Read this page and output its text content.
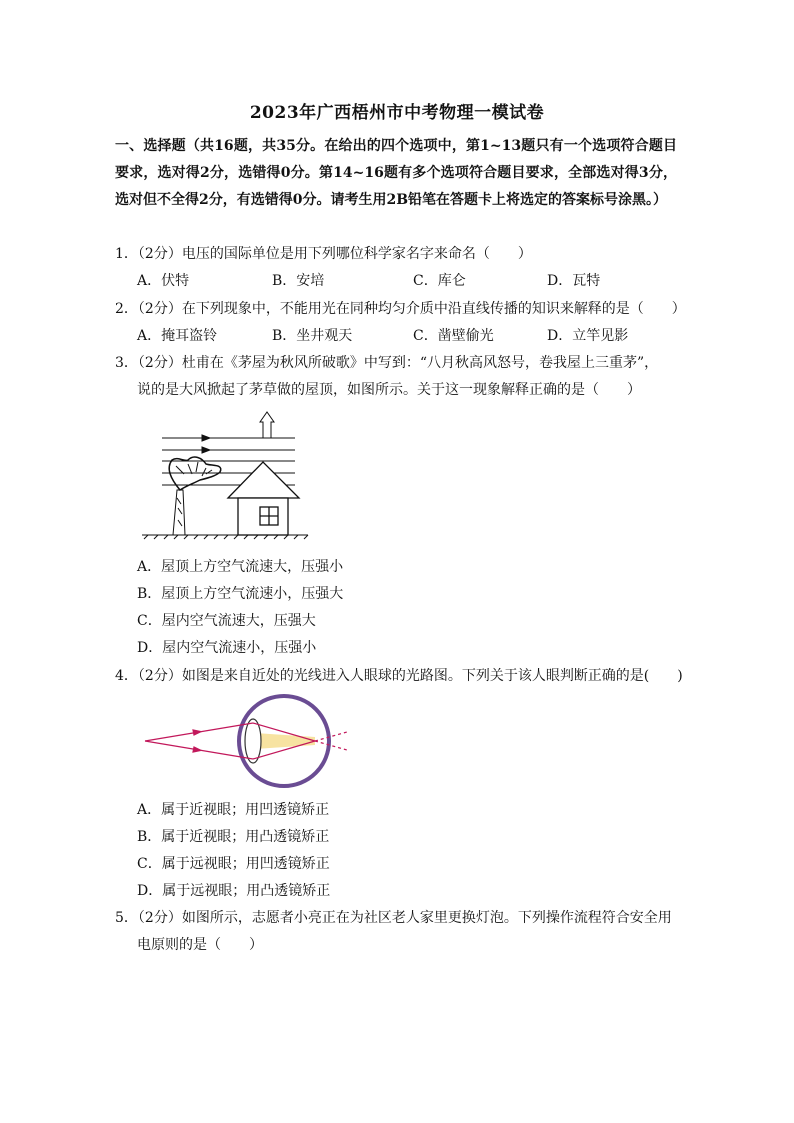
2023年广西梧州市中考物理一模试卷
一、选择题（共16题，共35分。在给出的四个选项中，第1~13题只有一个选项符合题目要求，选对得2分，选错得0分。第14~16题有多个选项符合题目要求，全部选对得3分，选对但不全得2分，有选错得0分。请考生用2B铅笔在答题卡上将选定的答案标号涂黑。）
1．（2分）电压的国际单位是用下列哪位科学家名字来命名（　　）
A．伏特	B．安培	C．库仑	D．瓦特
2．（2分）在下列现象中，不能用光在同种均匀介质中沿直线传播的知识来解释的是（　　）
A．掩耳盗铃	B．坐井观天	C．凿壁偷光	D．立竿见影
3．（2分）杜甫在《茅屋为秋风所破歌》中写到：“八月秋高风怒号，卷我屋上三重茅”，
说的是大风掀起了茅草做的屋顶，如图所示。关于这一现象解释正确的是（　　）
A．屋顶上方空气流速大，压强小
B．屋顶上方空气流速小，压强大
C．屋内空气流速大，压强大
D．屋内空气流速小，压强小
4．（2分）如图是来自近处的光线进入人眼球的光路图。下列关于该人眼判断正确的是(　　)
A．属于近视眼；用凹透镜矫正
B．属于近视眼；用凸透镜矫正
C．属于远视眼；用凹透镜矫正
D．属于远视眼；用凸透镜矫正
5．（2分）如图所示，志愿者小亮正在为社区老人家里更换灯泡。下列操作流程符合安全用
电原则的是（　　）
